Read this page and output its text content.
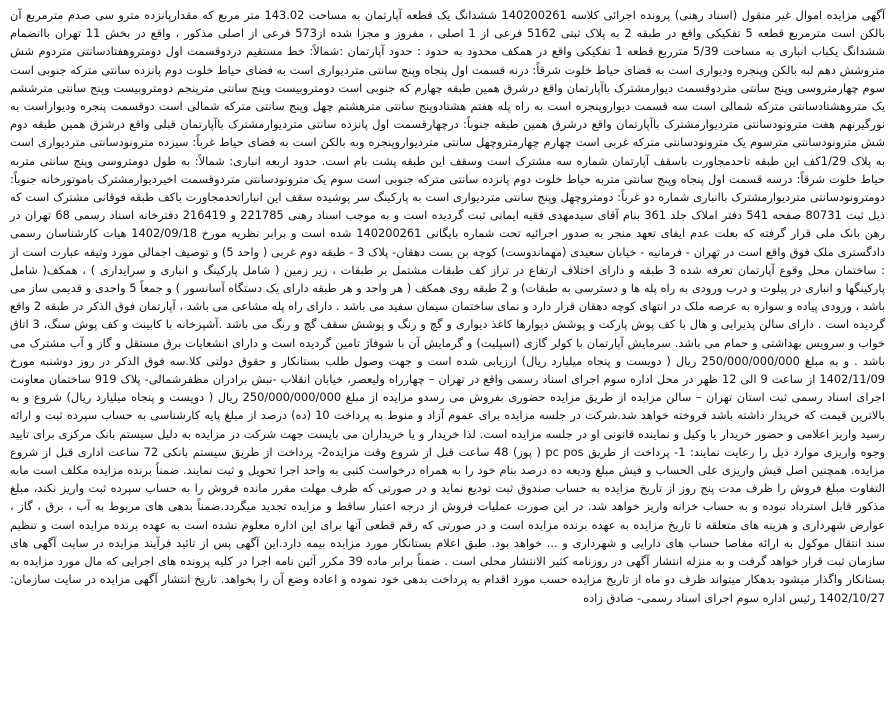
آگهی مزایده اموال غیر منقول (اسناد رهنی) پرونده اجرائی کلاسه 140200261 ششدانگ یک قطعه آپارتمان به مساحت 143.02 متر مربع که مقدارپانزده مترو سی صدم مترمربع آن بالکن است مترمربع قطعه 5 تفکیکی واقع در طبقه 2 به پلاک ثبتی 5162 فرعی از 1 اصلی ، مفروز و مجزا شده از573 فرعی از اصلی مذکور ، واقع در بخش 11 تهران باانضمام ششدانگ یکباب انباری به مساحت 5/39 مترربع قطعه 1 تفکیکی واقع در همکف محدود به حدود : حدود آپارتمان :شمالاً: خط مستقیم دردوقسمت اول دومتروهفتادسانتی متردوم شش متروشش دهم لبه بالکن وپنجره ودیواری است به فضای حیاط خلوت شرقاً: درنه قسمت اول پنجاه وپنج سانتی متردیواری است به فضای حیاط خلوت دوم پانزده سانتی مترکه جنوبی است سوم چهارمتروسی وپنج سانتی متردوقسمت دیوارمشترک باآپارتمان واقع درشرق همین طبقه چهارم که جنوبی است دومتروبیست وپنج سانتی مترپنجم دومتروبیست وپنج سانتی مترششم یک متروهشتادسانتی مترکه شمالی است سه قسمت دیواروپنجره است به راه پله هفتم هشتادوپنج سانتی مترهشتم چهل وپنج سانتی مترکه شمالی است دوقسمت پنجره ودیواراست به نورگیرنهم هفت مترونودسانتی متردیوارمشترک باآپارتمان واقع درشرق همین طبقه جنوباً: درچهارقسمت اول پانزده سانتی متردیوارمشترک باآپارتمان قبلی واقع درشرق همین طبقه دوم شش مترونودسانتی مترسوم یک مترونودسانتی مترکه غربی است چهارم چهارمتروچهل سانتی متردیواروپنجره وبه بالکن است به فضای حیاط غرباً: سیزده مترونودسانتی متردیواری است به پلاک 1/29کف این طبقه تاحدمجاورت باسقف آپارتمان شماره سه مشترک است وسقف این طبقه پشت بام است. حدود اربعه انباری: شمالاً: به طول دومتروسی وپنج سانتی متربه حیاط خلوت شرقاً: درسه قسمت اول پنجاه وپنج سانتی متربه حیاط خلوت دوم پانزده سانتی مترکه جنوبی است سوم یک مترونودسانتی متردوقسمت اخیردیوارمشترک باموتورخانه جنوباً: دومترونودسانتی متردیوارمشترک باانباری شماره دو غرباً: دومتروچهل وپنج سانتی متردیواری است به پارکینگ سر پوشیده سقف این انباراتحدمجاورت باکف طبقه فوقانی مشترک است که ذیل ثبت 80731 صفحه 541 دفتر املاک جلد 361 بنام آقای سیدمهدی فقیه ایمانی ثبت گردیده است و به موجب اسناد رهنی 221785 و 216419 دفترخانه اسناد رسمی 68 تهران در رهن بانک ملی قرار گرفته که بعلت عدم ایفای تعهد منجر به صدور اجرائیه تحت شماره بایگانی 140200261 شده است و برابر نظریه مورخ 1402/09/18 هیات کارشناسان رسمی دادگستری ملک فوق واقع است در تهران - فرمانیه - خیابان سعیدی (مهماندوست) کوچه بن بست دهقان- پلاک 3 - طبقه دوم غربی ( واحد 5) و توصیف اجمالی مورد وثیقه عبارت است از : ساختمان محل وقوع آپارتمان تعرفه شده 3 طبقه و دارای اختلاف ارتفاع در تراز کف طبقات مشتمل بر طبقات ، زیر زمین ( شامل پارکینگ و انباری و سرایداری ) ، همکف( شامل پارکینگها و انباری در پیلوت و درب ورودی به راه پله ها و دسترسی به طبقات) و 2 طبقه روی همکف ( هر واحد و هر طبقه دارای یک دستگاه آسانسور ) و جمعاً 5 واحدی و قدیمی ساز می باشد ، ورودی پیاده و سواره به عرصه ملک در انتهای کوچه دهقان قرار دارد و نمای ساختمان سیمان سفید می باشد . دارای راه پله مشاعی می باشد ، آپارتمان فوق الذکر در طبقه 2 واقع گردیده است . دارای سالن پذیرایی و هال با کف پوش پارکت و پوشش دیوارها کاغذ دیواری و گچ و رنگ و پوشش سقف گچ و رنگ می باشد .آشپزخانه با کابینت و کف پوش سنگ، 3 اتاق خواب و سرویس بهداشتی و حمام می باشد. سرمایش آپارتمان با کولر گازی (اسپلیت) و گرمایش آن با شوفاژ تامین گردیده است و دارای انشعابات برق مستقل و گاز و آب مشترک می باشد . و به مبلغ 250/000/000/000 ریال ( دویست و پنجاه میلیارد ریال) ارزیابی شده است و جهت وصول طلب بستانکار و حقوق دولتی کلا.سه فوق الذکر در روز دوشنبه مورخ 1402/11/09 از ساعت 9 الی 12 ظهر در محل اداره سوم اجرای اسناد رسمی واقع در تهران – چهارراه ولیعصر، خیابان انقلاب -نبش برادران مظفرشمالی- پلاک 919 ساختمان معاونت اجرای اسناد رسمی ثبت استان تهران – سالن مزایده از طریق مزایده حضوری بفروش می رسدو مزایده از مبلغ 250/000/000/000 ریال ( دویست و پنجاه میلیارد ریال) شروع و به بالاترین قیمت که خریدار داشته باشد فروخته خواهد شد.شرکت در جلسه مزایده برای عموم آزاد و منوط به پرداخت 10 (ده) درصد از مبلغ پایه کارشناسی به حساب سپرده ثبت و ارائه رسید واریز اعلامی و حضور خریدار یا وکیل و نماینده قانونی او در جلسه مزایده است. لذا خریدار و یا خریداران می بایست جهت شرکت در مزایده به دلیل سیستم بانک مرکزی برای تایید وجوه واریزی موارد ذیل را رعایت نمایند: 1- پرداخت از طریق pc pos ( پوز) 48 ساعت قبل از شروع وقت مزایده2- پرداخت از طریق سیستم بانکی 72 ساعت اداری قبل از شروع مزایده. همچنین اصل فیش واریزی علی الحساب و فیش مبلغ ودیعه ده درصد بنام خود را به همراه درخواست کتبی به واحد اجرا تحویل و ثبت نمایند. ضمناً برنده مزایده مکلف است مابه التفاوت مبلغ فروش را ظرف مدت پنج روز از تاریخ مزایده به حساب صندوق ثبت تودیع نماید و در صورتی که ظرف مهلت مقرر مانده فروش را به حساب سپرده ثبت واریز نکند، مبلغ مذکور قابل استرداد نبوده و به حساب خزانه واریز خواهد شد. در این صورت عملیات فروش از درجه اعتبار ساقط و مزایده تجدید میگردد.ضمناً بدهی های مربوط به آب ، برق ، گاز ، عوارض شهرداری و هزینه های متعلقه تا تاریخ مزایده به عهده برنده مزایده است و در صورتی که رقم قطعی آنها برای این اداره معلوم نشده است به عهده برنده مزایده است و تنظیم سند انتقال موکول به ارائه مفاصا حساب های دارایی و شهرداری و ... خواهد بود. طبق اعلام بستانکار مورد مزایده بیمه دارد.این آگهی پس از تائید فرآیند مزایده در سایت آگهی های سازمان ثبت قرار خواهد گرفت و به منزله انتشار آگهی در روزنامه کثیر الانتشار محلی است . ضمناً برابر ماده 39 مکرر آئین نامه اجرا در کلیه پرونده های اجرایی که مال مورد مزایده به بستانکار واگذار میشود بدهکار میتواند ظرف دو ماه از تاریخ مزایده حسب مورد اقدام به پرداخت بدهی خود نموده و اعاده وضع آن را بخواهد. تاریخ انتشار آگهی مزایده در سایت سازمان: 1402/10/27 رئیس اداره سوم اجرای اسناد رسمی- صادق زاده
